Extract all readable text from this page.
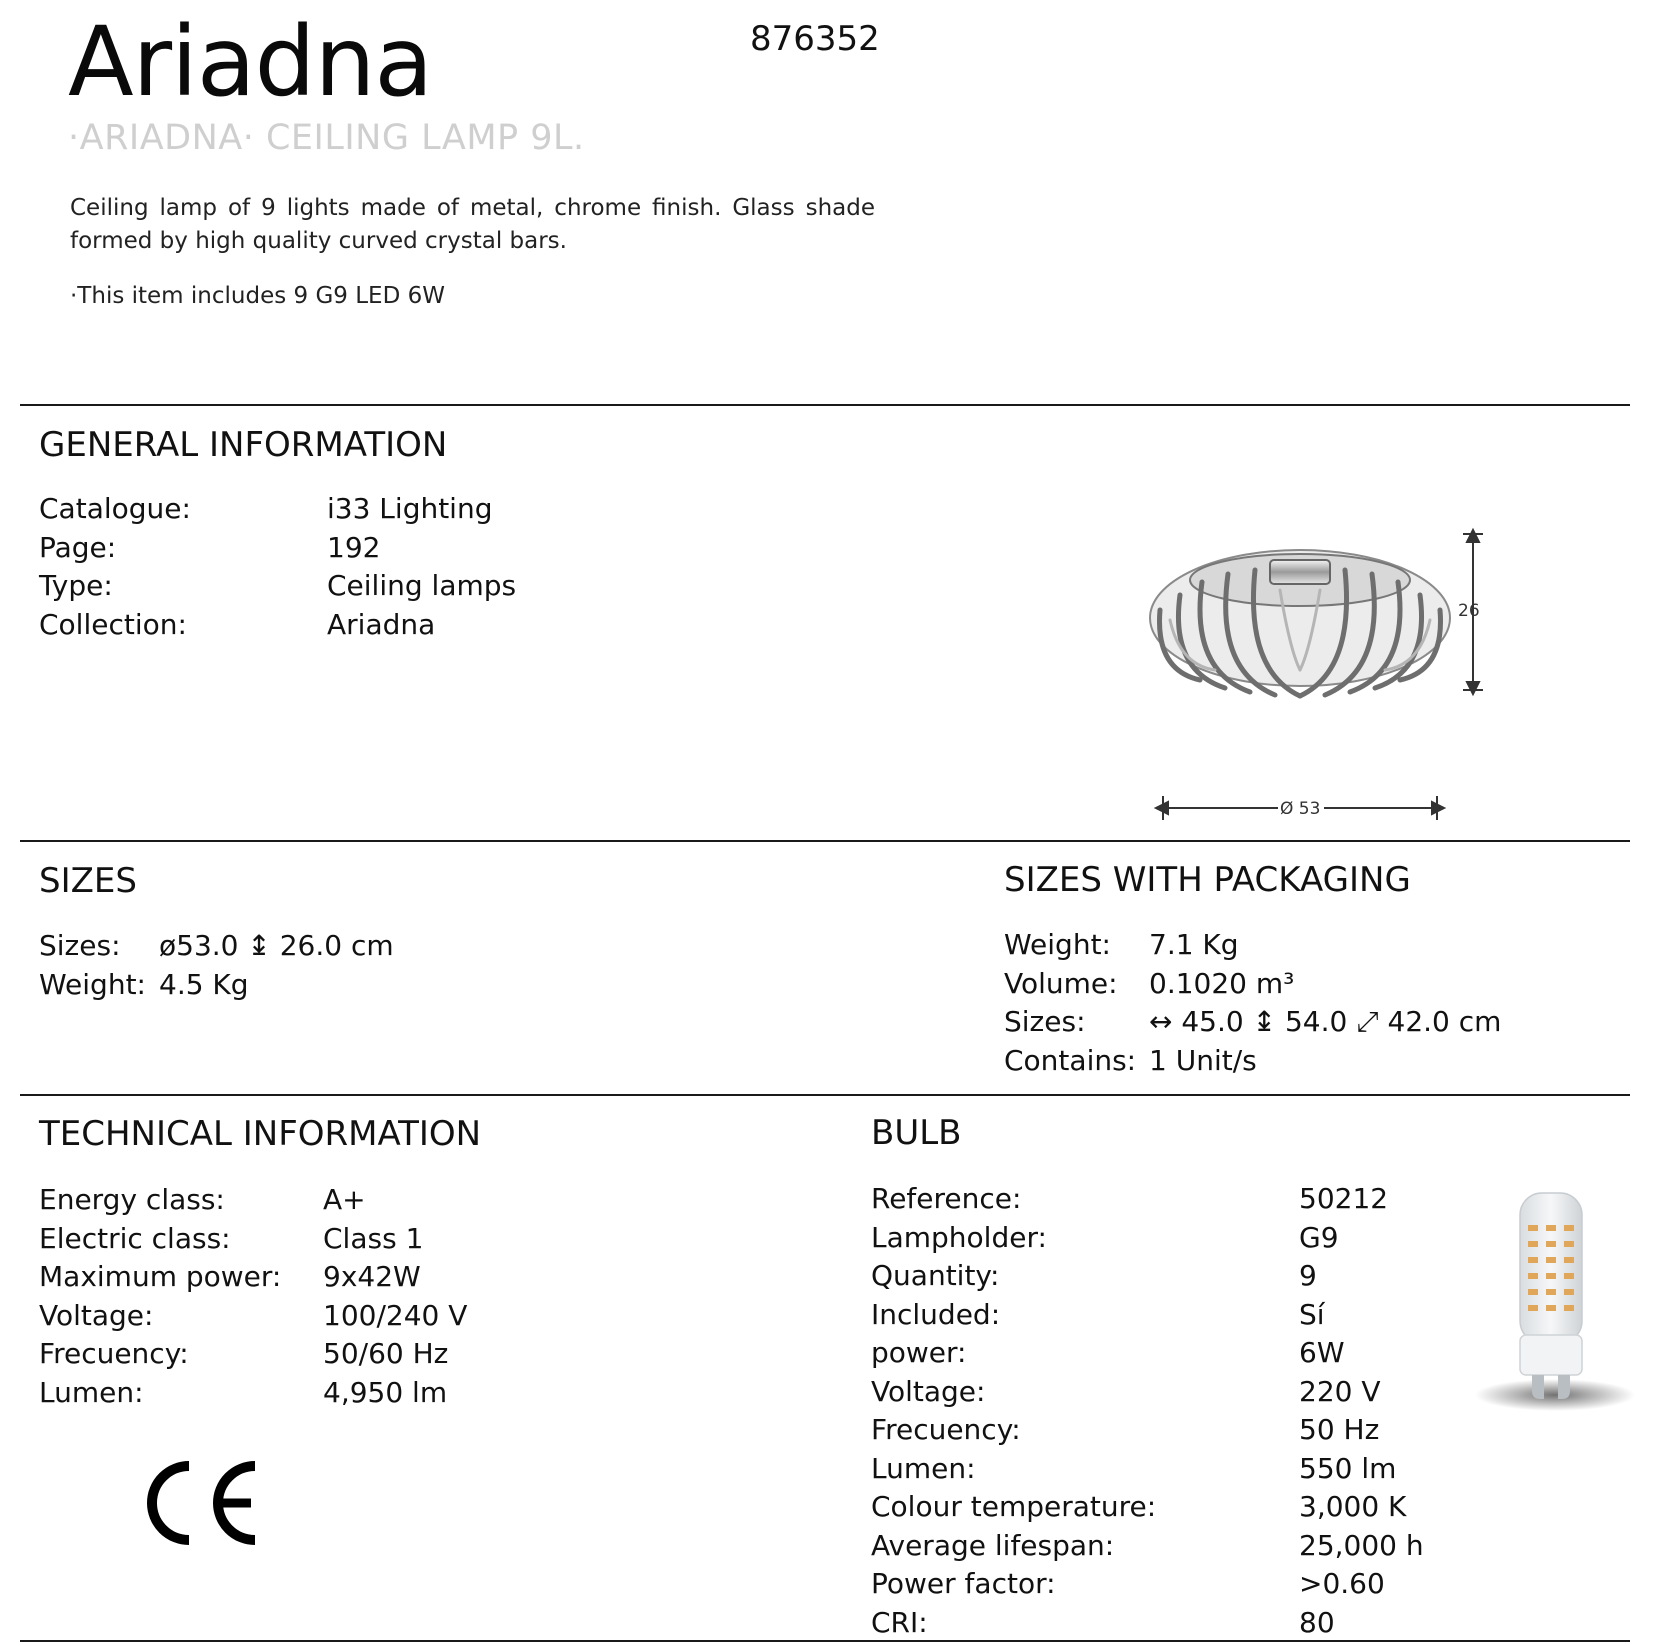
Ariadna	876352
·ARIADNA· CEILING LAMP 9L.
Ceiling lamp of 9 lights made of metal, chrome finish. Glass shade formed by high quality curved crystal bars.
·This item includes 9 G9 LED 6W
GENERAL INFORMATION
Catalogue:	i33 Lighting
Page:	192
Type:	Ceiling lamps
Collection:	Ariadna	26
Ø 53
SIZES
Sizes: ø53.0 ↨ 26.0 cm
Weight: 4.5 Kg
SIZES WITH PACKAGING
Weight: 7.1 Kg
Volume: 0.1020 m³
Sizes: ↔ 45.0 ↨ 54.0 ⤢ 42.0 cm
Contains: 1 Unit/s
TECHNICAL INFORMATION
Energy class:	A+
Electric class:	Class 1
Maximum power: 9x42W
Voltage:	100/240 V
Frecuency:	50/60 Hz
Lumen:	4,950 lm
BULB
Reference:	50212
Lampholder:	G9
Quantity:	9
Included:	Sí
power:	6W
Voltage:	220 V
Frecuency:	50 Hz
Lumen:	550 lm
Colour temperature:	3,000 K
Average lifespan:	25,000 h
Power factor:	>0.60
CRI:	80
